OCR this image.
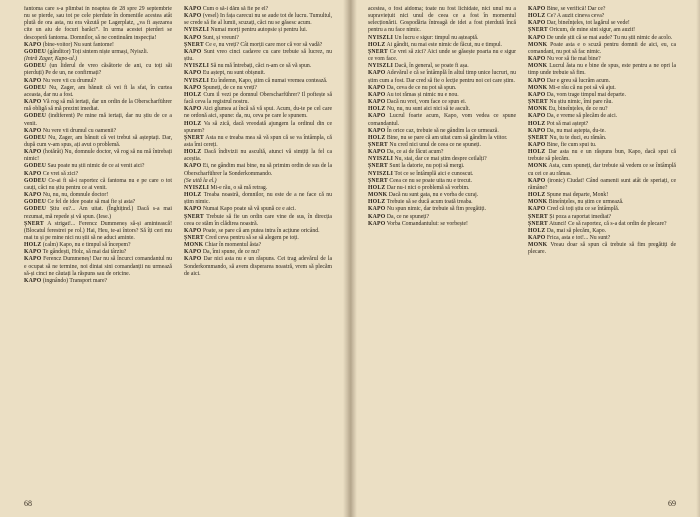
fantoma care s-a plimbat în noaptea de 28 spre 29 septembrie nu se pierde, sau tot pe cele pierdute în domeniile acestea atât plută de ora asta, nu era văzută pe Lagerplatz, „va fi așezarea cite un aiu de focuri barăci”. In urma acestei pierderi se descoperă fantoma. Domnilor, să ne continuăm inspecția!

KAPO (bine-voitor) Nu sunt fantome!

GODEU (gânditor) Toți sintem niște urmași, Nyiszli.

(Intră Zager, Kapo-ul.)

GODEU (un liderul de vreo căsătorie de ani, cu toți săi pierduți) Pe de un, ne confirmați?

KAPO Nu vere vii cu drumul?

GODEU Nu, Zager, am bănuit că vei fi la sfat, în curtea aceasta, dar nu a fost.

KAPO Vă rog să mă iertați, dar un ordin de la Oberscharführer mă obligă să mă prezint imediat.

GODEU (indiferent) Pe mine mă iertați, dar nu știu de ce a venit.

KAPO Nu vere vii drumul cu oamenii?

GODEU Nu, Zager, am bănuit că vei trebui să așteptați. Dar, după cum v-am spus, ați avut o problemă.

KAPO (hotărât) Nu, domnule doctor, vă rog să nu mă întrebați nimic!

GODEU Sau poate nu știi nimic de ce ai venit aici?

KAPO Ce vrei să zici?

GODEU Ce-ai fi să-i raportez că fantoma nu e pe care o tot cauți, căci nu știu pentru ce ai venit.

KAPO Nu, nu, nu, domnule doctor!

GODEU Ce fel de idee poate să mai fie și asta?

GODEU Știu eu?... Am uitat. (Înghițind.) Dacă s-a mai rezumat, mă repede și vă spun. (Iese.)

ȘNERT A strigat!... Ferencz Dummeneș să-și amintească! (Blocatul ferestrei pe rol.) Hai, Heu, te-ai întors? Să îți ceri mu mai tu și pe mine nici nu știi să ne aduci aminte.

HOLZ (calm) Kapo, nu e timpul să începem?

KAPO Te gândești, Holz, să mai dai târziu?

KAPO Ferencz Dummeneș! Dar nu să încurci comandantul nu e ocupat să ne termine, noi dintai sini comandanții nu urmează să-și cinci ne căutați la răspuns sau de oricine.

KAPO (ingnândo) Transport mare?

KAPO Cum o să-i dăm să fie pe el?

KAPO (vesel) In fața carecui nu se aude tot de lucru. Tumultul, se crede să fie al lumii, scuzați, căci nu se găsesc acum.

NYISZLI Numai morți pentru autopsie și pentru lui.

KAPO Sunt, și vreuni?

ȘNERT Ce e, nu vreți? Cât morții care mor că vor să vadă?

KAPO Sunt vreo cinci cadavre cu care trebuie să lucrez, nu știu.

NYISZLI Să nu mă întrebați, căci n-am ce să vă spun.

KAPO Eu aștept, nu sunt obișnuit.

NYISZLI Eu îndemn, Kapo, știm că numai vremea contează.

KAPO Spuneți, de ce nu vreți?

HOLZ Cum il vezi pe domnul Oberscharführer? Il poftește să facă ceva la registrul nostru.

KAPO Aici glumea ai încă să vă spui. Acum, du-te pe cel care ne ordonă aici, spune: da, nu, ceva pe care le spunem.

HOLZ Va să zică, dacă vreodată ajungem la ordinul din ce spunem?

ȘNERT Asta nu e treaba mea să vă spun că se va întâmpla, că asta îmi cereți.

HOLZ Dacă îndivizii nu ascultă, atunci vă simțiți la fel ca aceștia.

KAPO Ei, ne gândim mai bine, nu să primim ordin de sus de la Oberscharführer la Sonderkommando.

(Se uită la el.)

NYISZLI Mi-e rău, o să mă retrag.

HOLZ Treaba noastră, domnilor, nu este de a ne face că nu știm nimic.

KAPO Numai Kapo poate să vă spună ce e aici.

ȘNERT Trebuie să fie un ordin care vine de sus, în direcția ceea ce stăm în clădirea noastră.

KAPO Poate, se pare că am putea intra în acțiune oricând.

ȘNERT Cred ceva pentru să se să alegem pe toți.

MONK Chiar în momentul ăsta?

KAPO Da, îmi spune, de ce nu?

KAPO Dar nici asta nu e un răspuns. Cei trag adevărul de la Sonderkommando, să avem disperarea noastră, vrem să plecăm de aici.

68

acestea, o fost aidoma; toate nu fost lichidate, nici unul nu a supraviețuit nici unul de ceea ce a fost în momentul selecționării. Gospodăria întreagă de idei a fost pierdută încă pentru a nu face nimic.

NYISZLI Un lucru e sigur: timpul nu așteaptă.

HOLZ Ai gândit, nu mai este nimic de făcut, nu e timpul.

ȘNERT Ce vrei să zici? Aici unde se găsește poarta nu e sigur ce vom face.

NYISZLI Dacă, în general, se poate fi așa.

KAPO Adevărul e că se întâmplă în altul timp unice lucruri, nu știm cum a fost. Dar cred să fie o lecție pentru noi cei care știm.

KAPO Da, ceva de ce nu pot să spun.

KAPO Au tot rămas și nimic nu e nou.

KAPO Dacă nu vrei, vom face ce spun ei.

HOLZ Nu, nu, nu sunt aici nici să te ascult.

KAPO Lucrul foarte acum, Kapo, vom vedea ce spune comandantul.

KAPO În orice caz, trebuie să ne gândim la ce urmează.

HOLZ Bine, nu se pare că am uitat cum să gândim la viitor.

ȘNERT Nu cred nici unul de ceea ce ne spuneți.

KAPO Da, ce ai de făcut acum?

NYISZLI Nu, stai, dar ce mai știm despre ceilalți?

ȘNERT Sunt la datorie, nu poți să mergi.

NYISZLI Tot ce se întâmplă aici e cunoscut.

ȘNERT Ceea ce nu se poate uita nu e trecut.

HOLZ Dar nu-i nici o problemă să vorbim.

MONK Dacă nu sunt gata, nu e vorba de curaj.

HOLZ Trebuie să se ducă acum toată treaba.

KAPO Nu spun nimic, dar trebuie să fim pregătiți.

KAPO Da, ce ne spuneți?

KAPO Vorba Comandantului: se vorbește!

KAPO Bine, se verifică! Dar ce?

HOLZ Ce? A auzit cineva ceva?

KAPO Dar, bineînțeles, tot lagărul se vede!

ȘNERT Oricum, de mine sint sigur, am auzit!

KAPO De unde știi că se mai aude? Tu nu știi nimic de acolo.

MONK Poate asta e o scuză pentru domnii de aici, eu, ca comandant, nu pot să fac nimic.

KAPO Nu vor să fie mai bine?

MONK Lucrul ăsta nu e bine de spus, este pentru a ne opri la timp unde trebuie să fim.

KAPO Dar e greu să lucrăm acum.

MONK Mi-e rău că nu pot să vă ajut.

KAPO Da, vom trage timpul mai departe.

ȘNERT Nu știu nimic, îmi pare rău.

MONK Eu, bineînțeles, de ce nu?

KAPO Da, e vreme să plecăm de aici.

HOLZ Pot să mai aștept?

KAPO Da, nu mai aștepta, du-te.

ȘNERT Nu, tu te duci, eu rămân.

KAPO Bine, fie cum spui tu.

HOLZ Dar asta nu e un răspuns bun, Kapo, dacă spui că trebuie să plecăm.

MONK Asta, cum spuneți, dar trebuie să vedem ce se întâmplă cu cei ce au rămas.

KAPO (ironic) Ciudat! Când oamenii sunt atât de speriați, ce rămâne?

HOLZ Spune mai departe, Monk!

MONK Bineînțeles, nu știm ce urmează.

KAPO Cred că toți știu ce se întâmplă.

ȘNERT Și poza a raportat imediat?

ȘNERT Atunci! Ce să raportez, că s-a dat ordin de plecare?

HOLZ Da, mai să plecăm, Kapo.

KAPO Frica, asta e tot!... Nu sunt?

MONK Vreau doar să spun că trebuie să fim pregătiți de plecare.

69
